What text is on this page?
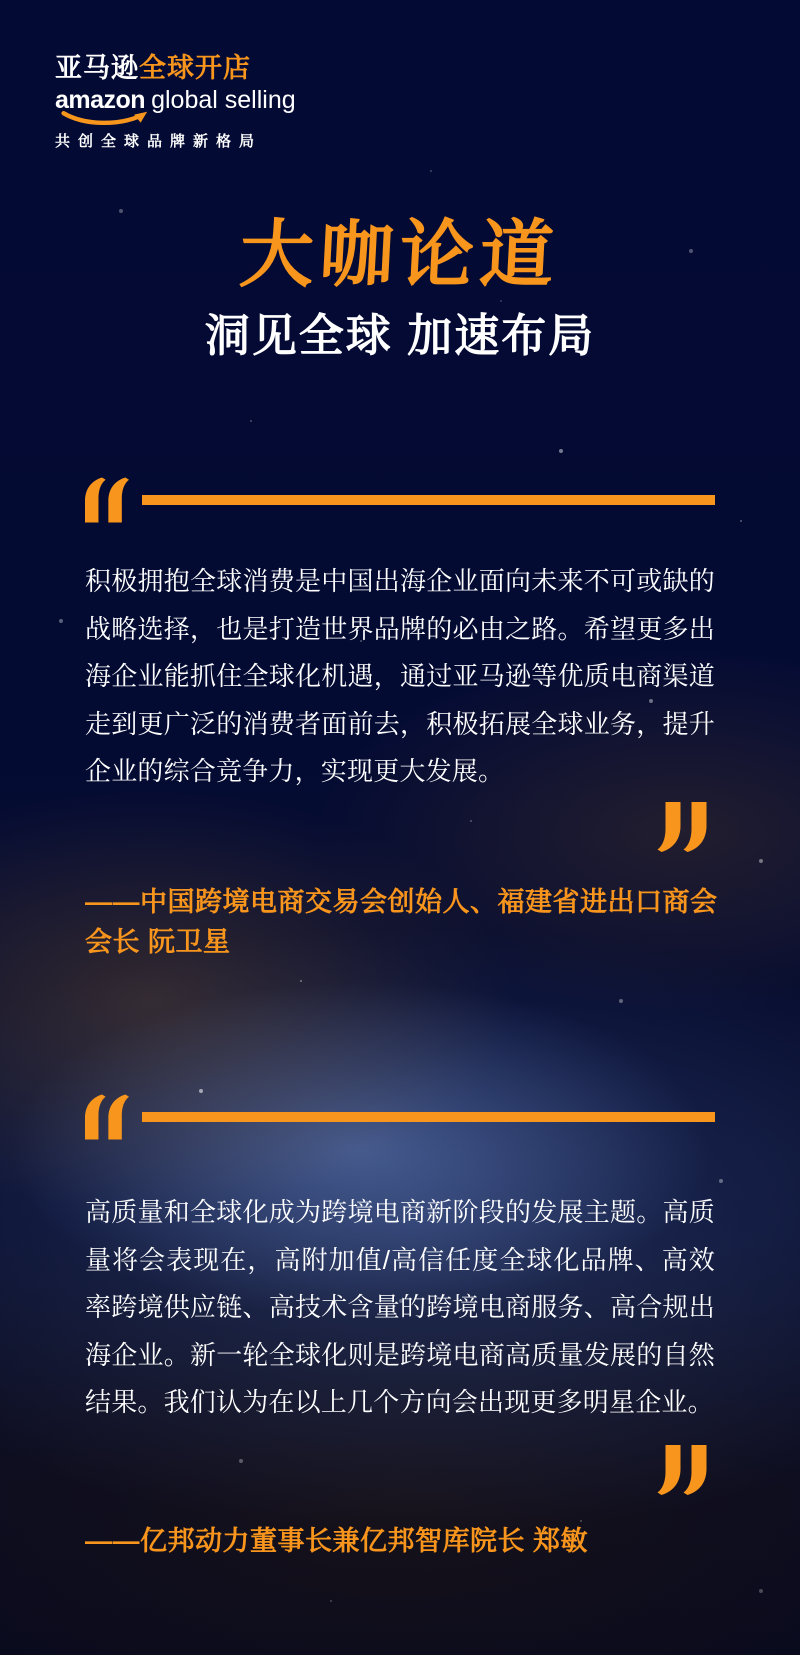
亚马逊全球开店
amazon global selling
共创全球品牌新格局
大咖论道
洞见全球 加速布局

积极拥抱全球消费是中国出海企业面向未来不可或缺的战略选择，也是打造世界品牌的必由之路。希望更多出海企业能抓住全球化机遇，通过亚马逊等优质电商渠道走到更广泛的消费者面前去，积极拓展全球业务，提升企业的综合竞争力，实现更大发展。

——中国跨境电商交易会创始人、福建省进出口商会会长 阮卫星

高质量和全球化成为跨境电商新阶段的发展主题。高质量将会表现在，高附加值/高信任度全球化品牌、高效率跨境供应链、高技术含量的跨境电商服务、高合规出海企业。新一轮全球化则是跨境电商高质量发展的自然结果。我们认为在以上几个方向会出现更多明星企业。

——亿邦动力董事长兼亿邦智库院长 郑敏
